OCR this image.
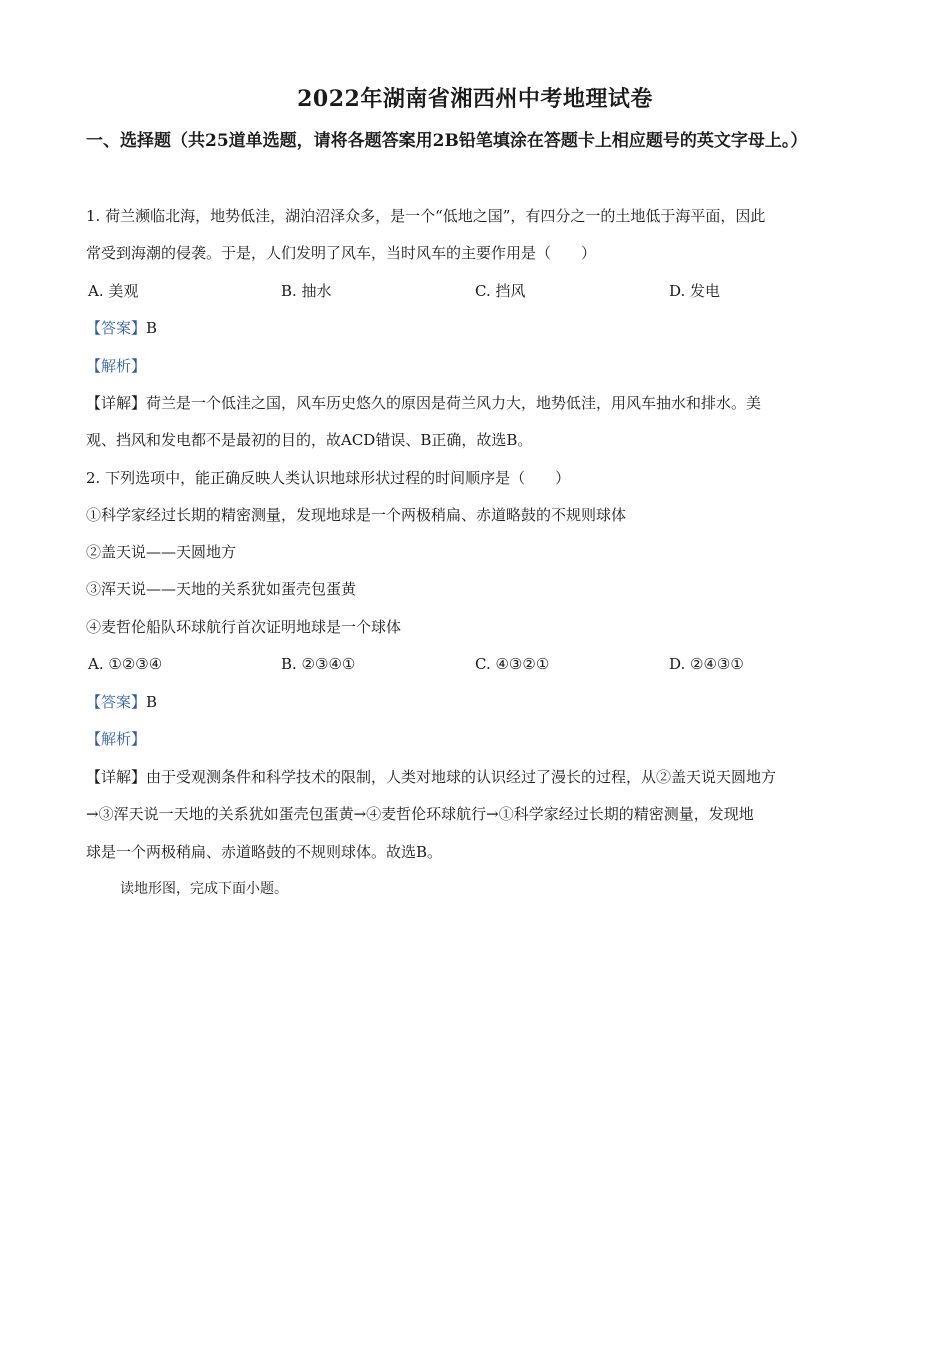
2022年湖南省湘西州中考地理试卷
一、选择题（共25道单选题，请将各题答案用2B铅笔填涂在答题卡上相应题号的英文字母上。）
1. 荷兰濒临北海，地势低洼，湖泊沼泽众多，是一个“低地之国”，有四分之一的土地低于海平面，因此
常受到海潮的侵袭。于是，人们发明了风车，当时风车的主要作用是（　　）
A. 美观	B. 抽水	C. 挡风	D. 发电
【答案】B
【解析】
【详解】荷兰是一个低洼之国，风车历史悠久的原因是荷兰风力大，地势低洼，用风车抽水和排水。美
观、挡风和发电都不是最初的目的，故ACD错误、B正确，故选B。
2. 下列选项中，能正确反映人类认识地球形状过程的时间顺序是（　　）
①科学家经过长期的精密测量，发现地球是一个两极稍扁、赤道略鼓的不规则球体
②盖天说——天圆地方
③浑天说——天地的关系犹如蛋壳包蛋黄
④麦哲伦船队环球航行首次证明地球是一个球体
A. ①②③④	B. ②③④①	C. ④③②①	D. ②④③①
【答案】B
【解析】
【详解】由于受观测条件和科学技术的限制，人类对地球的认识经过了漫长的过程，从②盖天说天圆地方
→③浑天说一天地的关系犹如蛋壳包蛋黄→④麦哲伦环球航行→①科学家经过长期的精密测量，发现地
球是一个两极稍扁、赤道略鼓的不规则球体。故选B。
读地形图，完成下面小题。
